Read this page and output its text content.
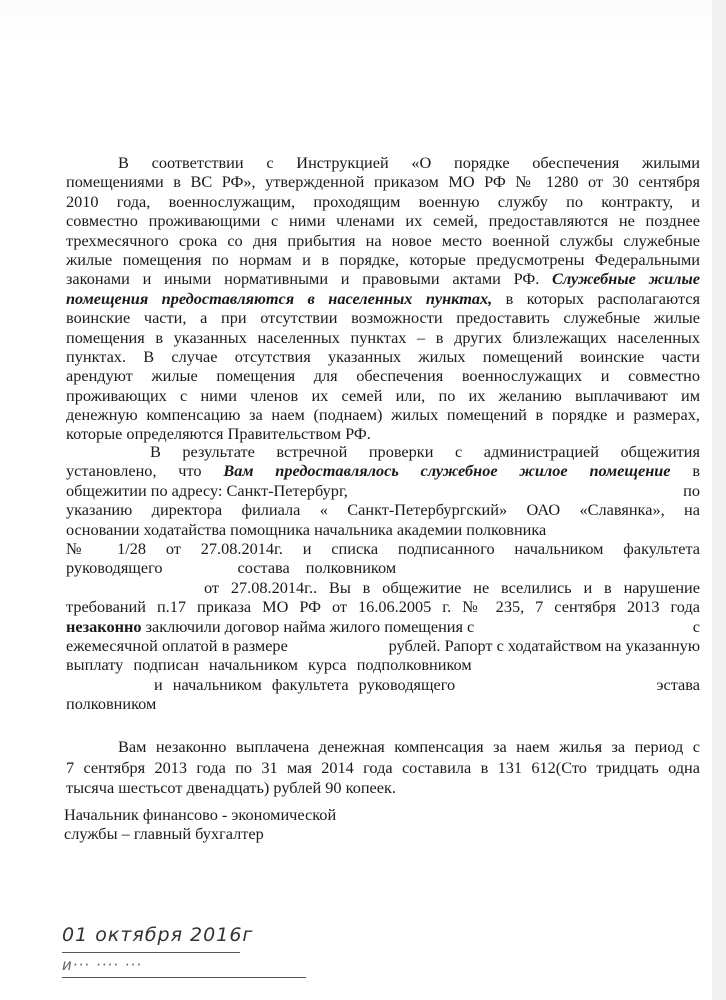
В соответствии с Инструкцией «О порядке обеспечения жилыми
помещениями в ВС РФ», утвержденной приказом МО РФ № 1280 от 30 сентября
2010 года, военнослужащим, проходящим военную службу по контракту, и
совместно проживающими с ними членами их семей, предоставляются не позднее
трехмесячного срока со дня прибытия на новое место военной службы служебные
жилые помещения по нормам и в порядке, которые предусмотрены Федеральными
законами и иными нормативными и правовыми актами РФ. Служебные жилые
помещения предоставляются в населенных пунктах, в которых располагаются
воинские части, а при отсутствии возможности предоставить служебные жилые
помещения в указанных населенных пунктах – в других близлежащих населенных
пунктах. В случае отсутствия указанных жилых помещений воинские части
арендуют жилые помещения для обеспечения военнослужащих и совместно
проживающих с ними членов их семей или, по их желанию выплачивают им
денежную компенсацию за наем (поднаем) жилых помещений в порядке и размерах,
которые определяются Правительством РФ.
В результате встречной проверки с администрацией общежития
установлено, что Вам предоставлялось служебное жилое помещение в
общежитии по адресу: Санкт-Петербург,	по
указанию директора филиала « Санкт-Петербургский» ОАО «Славянка», на
основании ходатайства помощника начальника академии полковника
№ 1/28 от 27.08.2014г. и списка подписанного начальником факультета
руководящего	состава полковником
от 27.08.2014г.. Вы в общежитие не вселились и в нарушение
требований п.17 приказа МО РФ от 16.06.2005 г. № 235, 7 сентября 2013 года
незаконно заключили договор найма жилого помещения с	с
ежемесячной оплатой в размере	рублей. Рапорт с ходатайством на указанную
выплату подписан начальником курса подполковником
и начальником факультета руководящего	эстава
полковником
Вам незаконно выплачена денежная компенсация за наем жилья за период с
7 сентября 2013 года по 31 мая 2014 года составила в 131 612(Сто тридцать одна
тысяча шестьсот двенадцать) рублей 90 копеек.
Начальник финансово - экономической
службы – главный бухгалтер
01 октября 2016г
и··· ···· ···
